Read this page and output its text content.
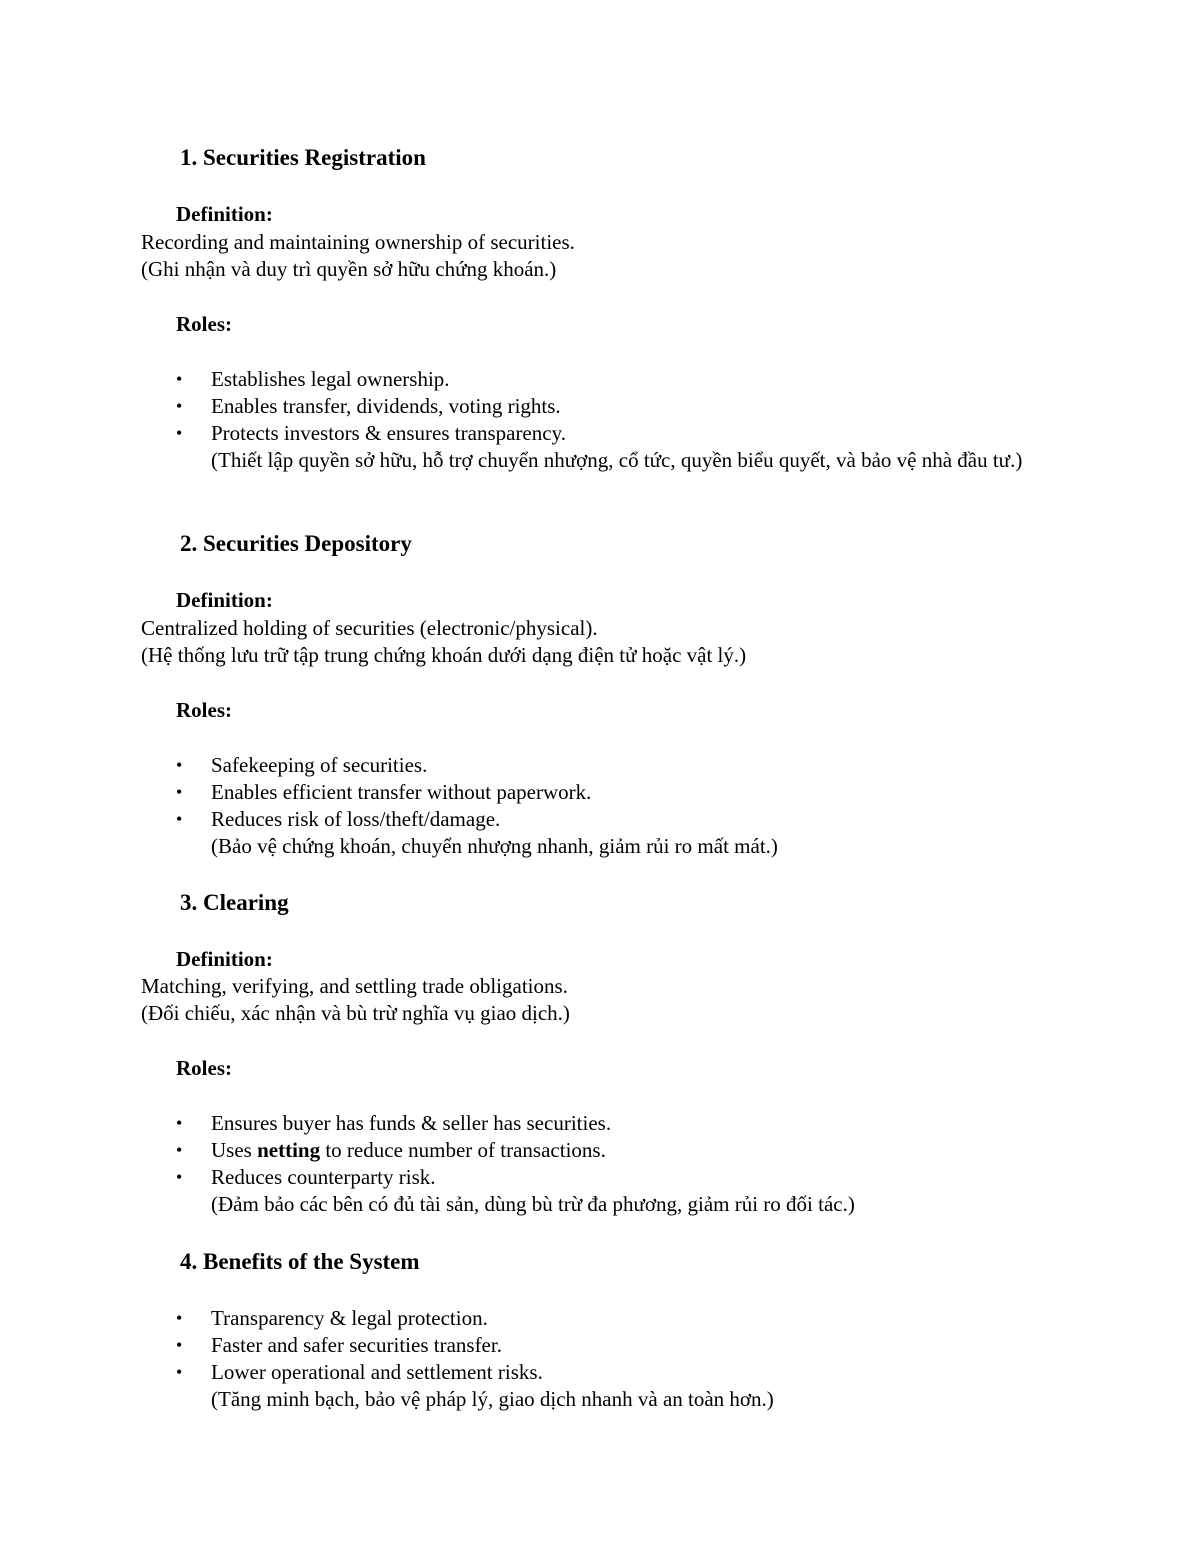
1. Securities Registration
Definition:
Recording and maintaining ownership of securities.
(Ghi nhận và duy trì quyền sở hữu chứng khoán.)
Roles:
•	Establishes legal ownership.
•	Enables transfer, dividends, voting rights.
•	Protects investors & ensures transparency.
(Thiết lập quyền sở hữu, hỗ trợ chuyển nhượng, cổ tức, quyền biểu quyết, và bảo vệ nhà đầu tư.)
2. Securities Depository
Definition:
Centralized holding of securities (electronic/physical).
(Hệ thống lưu trữ tập trung chứng khoán dưới dạng điện tử hoặc vật lý.)
Roles:
•	Safekeeping of securities.
•	Enables efficient transfer without paperwork.
•	Reduces risk of loss/theft/damage.
(Bảo vệ chứng khoán, chuyển nhượng nhanh, giảm rủi ro mất mát.)
3. Clearing
Definition:
Matching, verifying, and settling trade obligations.
(Đối chiếu, xác nhận và bù trừ nghĩa vụ giao dịch.)
Roles:
•	Ensures buyer has funds & seller has securities.
•	Uses netting to reduce number of transactions.
•	Reduces counterparty risk.
(Đảm bảo các bên có đủ tài sản, dùng bù trừ đa phương, giảm rủi ro đối tác.)
4. Benefits of the System
•	Transparency & legal protection.
•	Faster and safer securities transfer.
•	Lower operational and settlement risks.
(Tăng minh bạch, bảo vệ pháp lý, giao dịch nhanh và an toàn hơn.)
